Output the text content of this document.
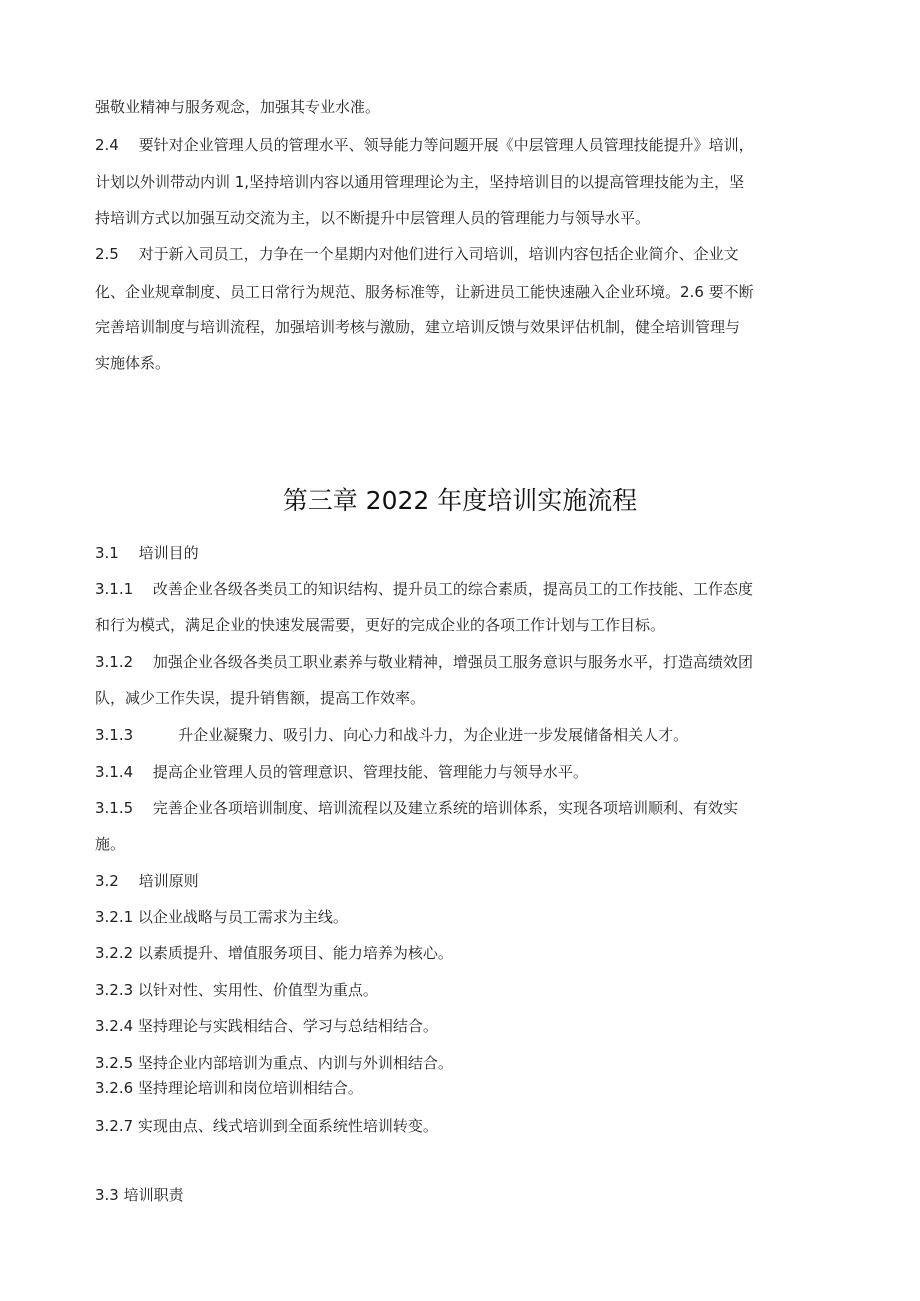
强敬业精神与服务观念，加强其专业水准。
2.4　 要针对企业管理人员的管理水平、领导能力等问题开展《中层管理人员管理技能提升》培训，
计划以外训带动内训 1,坚持培训内容以通用管理理论为主，坚持培训目的以提高管理技能为主，坚
持培训方式以加强互动交流为主，以不断提升中层管理人员的管理能力与领导水平。
2.5　 对于新入司员工，力争在一个星期内对他们进行入司培训，培训内容包括企业简介、企业文
化、企业规章制度、员工日常行为规范、服务标准等，让新进员工能快速融入企业环境。2.6 要不断
完善培训制度与培训流程，加强培训考核与激励，建立培训反馈与效果评估机制，健全培训管理与
实施体系。
第三章 2022 年度培训实施流程
3.1　 培训目的
3.1.1　 改善企业各级各类员工的知识结构、提升员工的综合素质，提高员工的工作技能、工作态度
和行为模式，满足企业的快速发展需要，更好的完成企业的各项工作计划与工作目标。
3.1.2　 加强企业各级各类员工职业素养与敬业精神，增强员工服务意识与服务水平，打造高绩效团
队，减少工作失误，提升销售额，提高工作效率。
3.1.3　　　升企业凝聚力、吸引力、向心力和战斗力，为企业进一步发展储备相关人才。
3.1.4　 提高企业管理人员的管理意识、管理技能、管理能力与领导水平。
3.1.5　 完善企业各项培训制度、培训流程以及建立系统的培训体系，实现各项培训顺利、有效实
施。
3.2　 培训原则
3.2.1 以企业战略与员工需求为主线。
3.2.2 以素质提升、增值服务项目、能力培养为核心。
3.2.3 以针对性、实用性、价值型为重点。
3.2.4 坚持理论与实践相结合、学习与总结相结合。
3.2.5 坚持企业内部培训为重点、内训与外训相结合。
3.2.6 坚持理论培训和岗位培训相结合。
3.2.7 实现由点、线式培训到全面系统性培训转变。
3.3 培训职责
